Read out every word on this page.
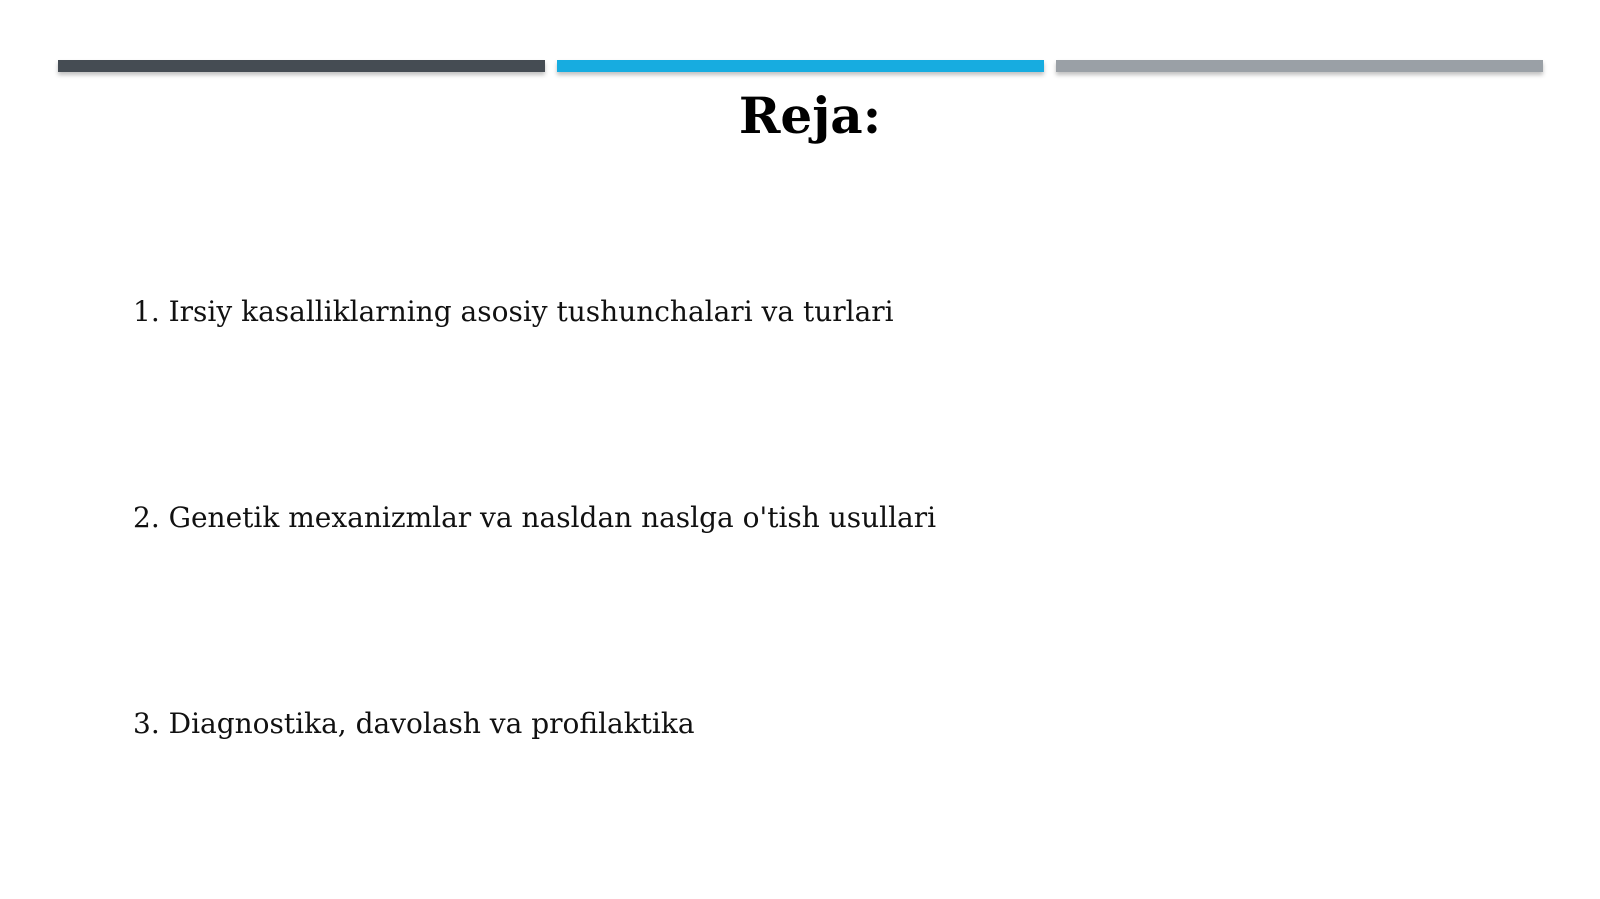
Reja:
1. Irsiy kasalliklarning asosiy tushunchalari va turlari
2. Genetik mexanizmlar va nasldan naslga o'tish usullari
3. Diagnostika, davolash va profilaktika
